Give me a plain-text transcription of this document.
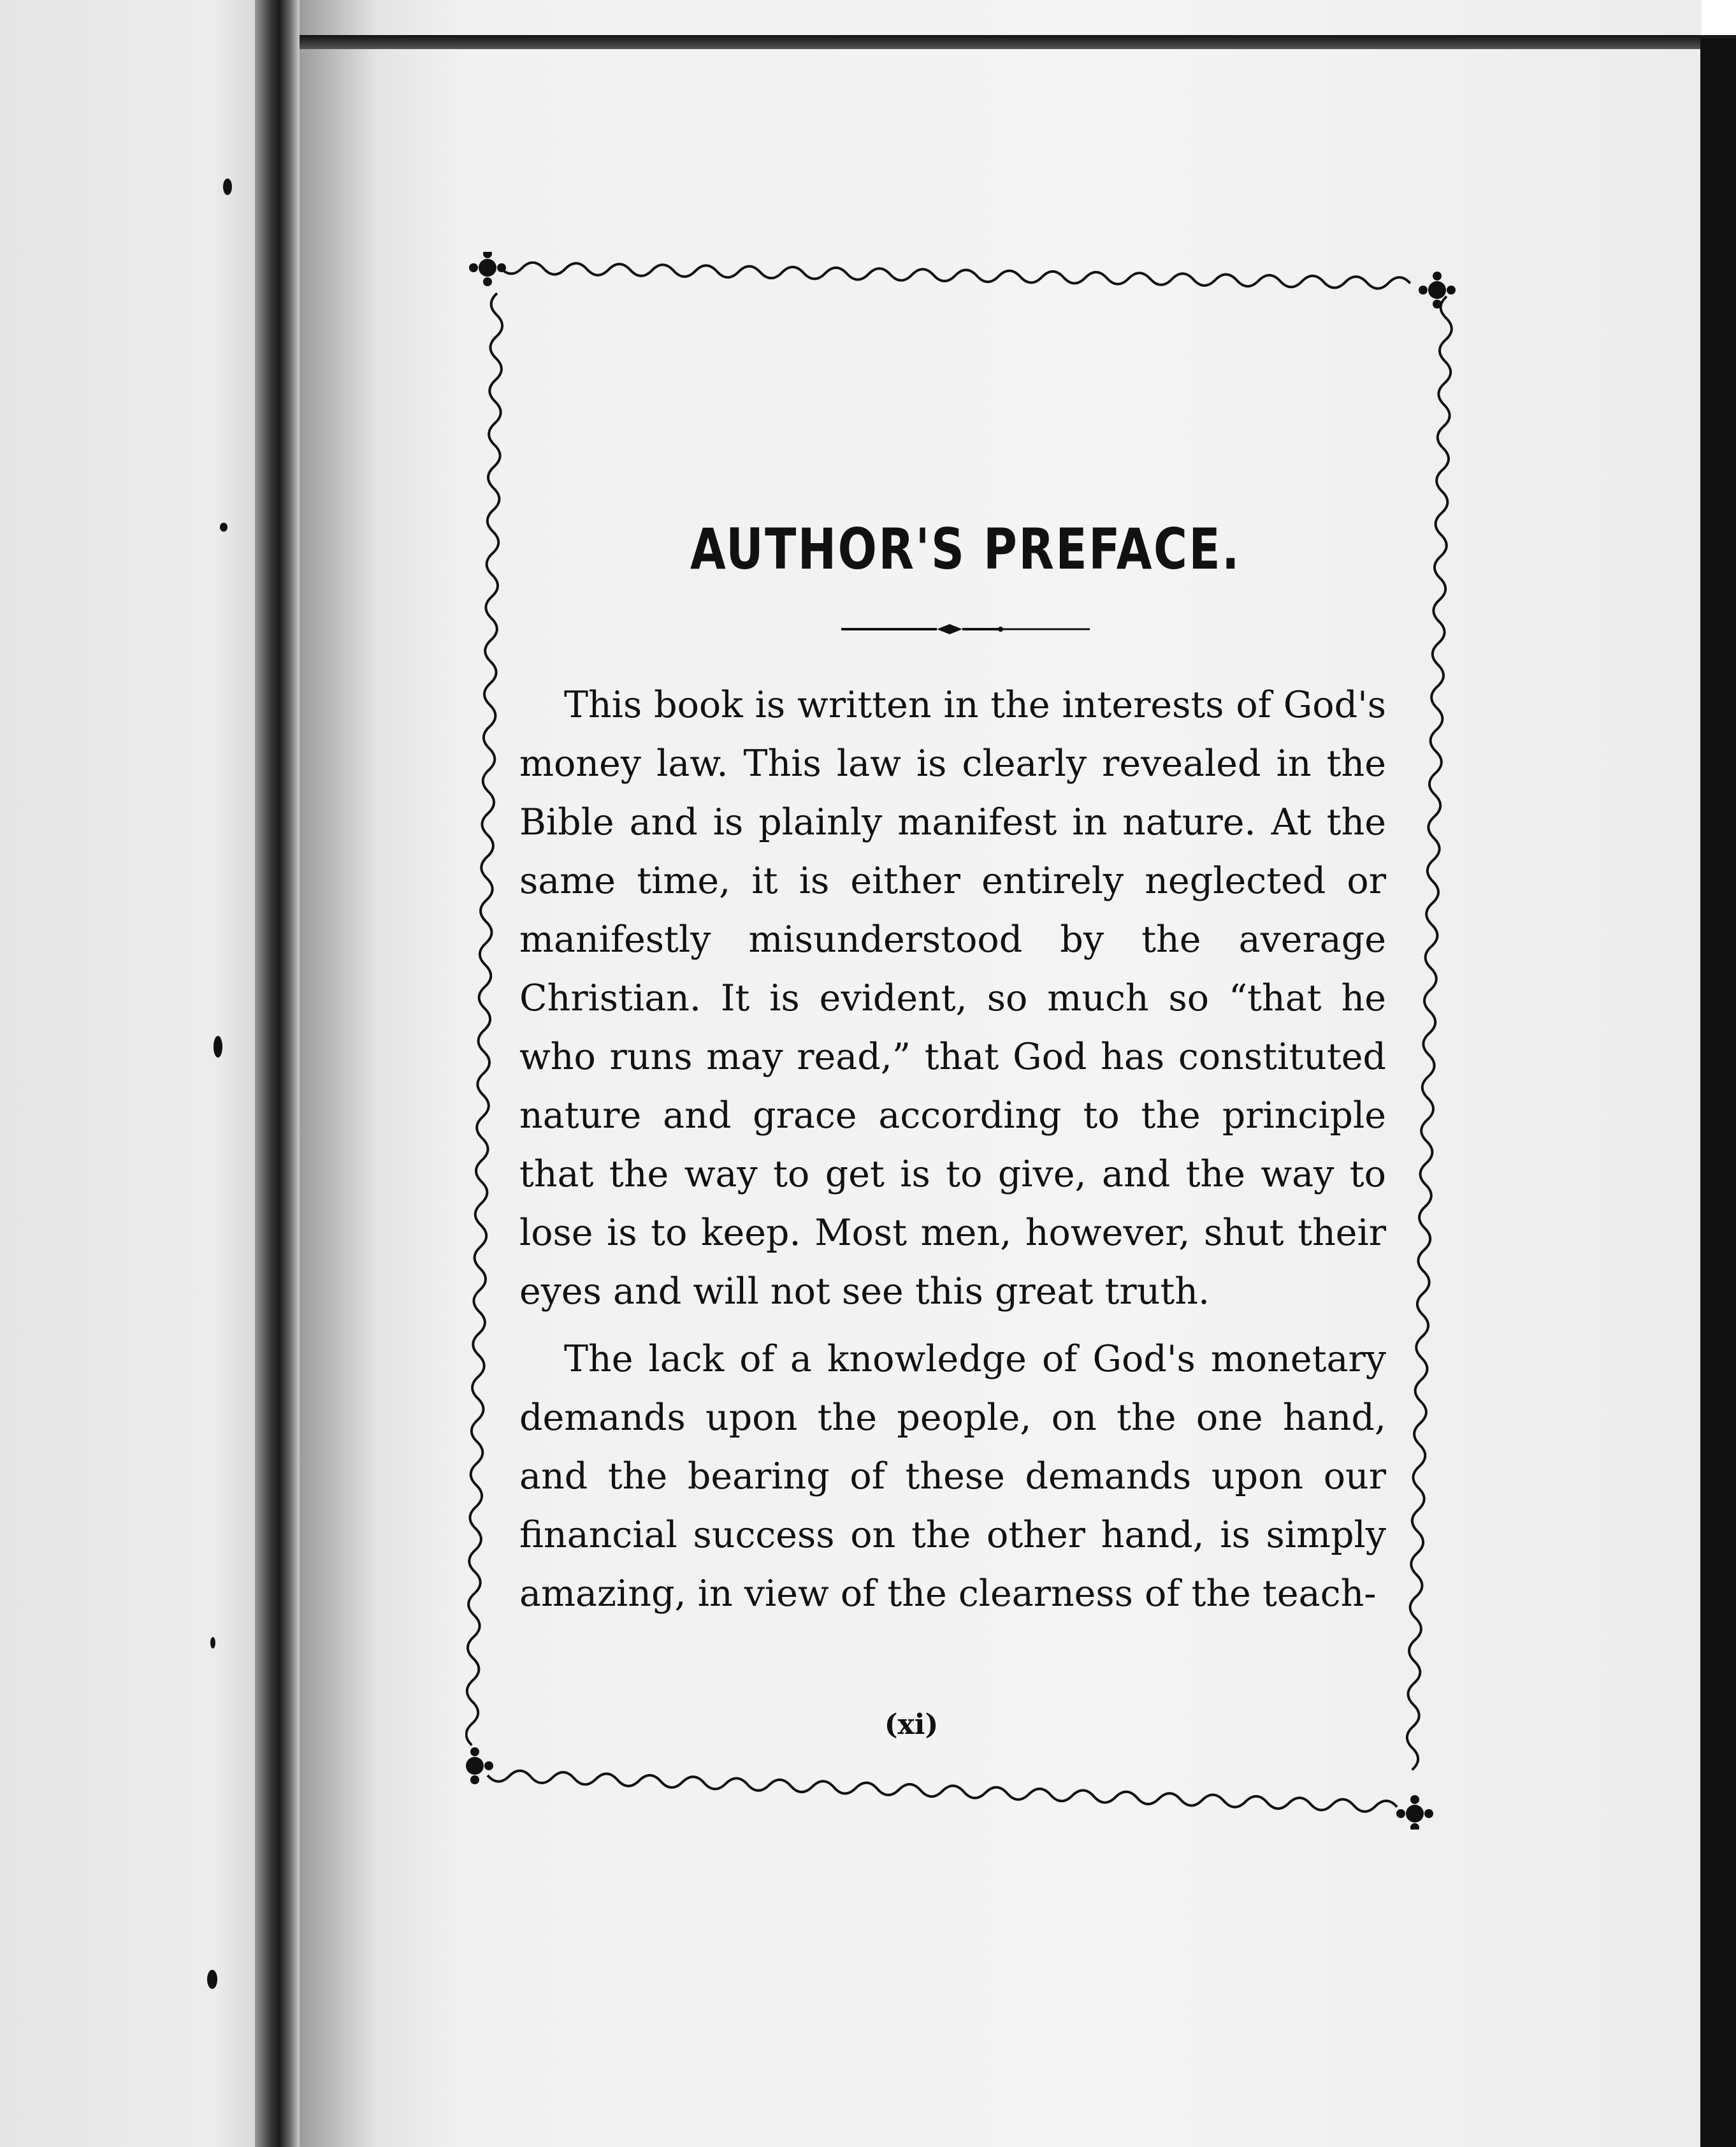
AUTHOR'S PREFACE.

This book is written in the interests of God's money law. This law is clearly revealed in the Bible and is plainly manifest in nature. At the same time, it is either entirely neglected or manifestly misunderstood by the average Christian. It is evident, so much so “that he who runs may read,” that God has constituted nature and grace according to the principle that the way to get is to give, and the way to lose is to keep. Most men, however, shut their eyes and will not see this great truth.

The lack of a knowledge of God's monetary demands upon the people, on the one hand, and the bearing of these demands upon our financial success on the other hand, is simply amazing, in view of the clearness of the teach-

(xi)
